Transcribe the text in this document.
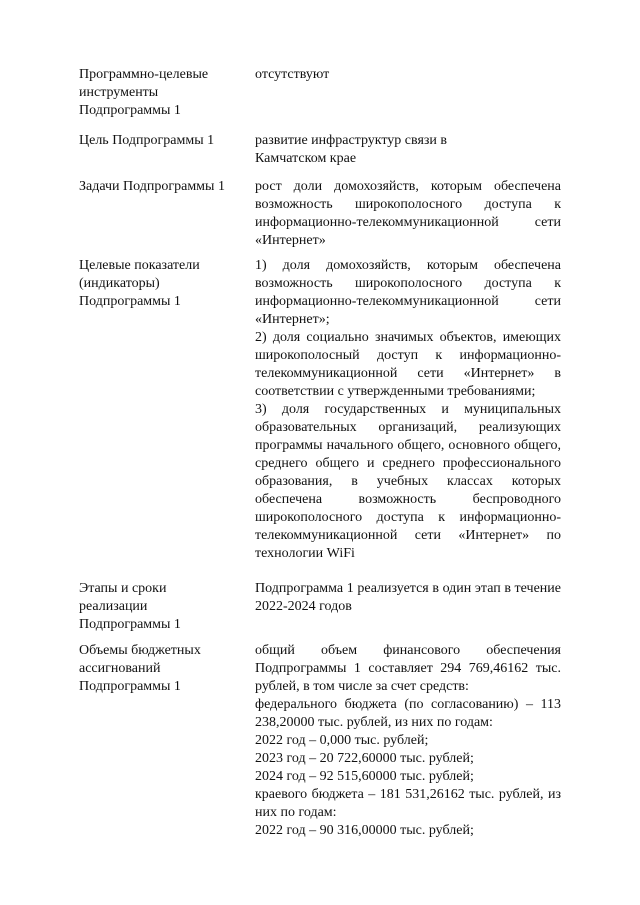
Программно-целевые
инструменты
Подпрограммы 1
отсутствуют
Цель Подпрограммы 1	развитие инфраструктур связи в
Камчатском крае
Задачи Подпрограммы 1	рост доли домохозяйств, которым обеспечена возможность широкополосного доступа к информационно-телекоммуникационной сети «Интернет»
Целевые показатели
(индикаторы)
Подпрограммы 1
1) доля домохозяйств, которым обеспечена возможность широкополосного доступа к информационно-телекоммуникационной сети «Интернет»;
2) доля социально значимых объектов, имеющих широкополосный доступ к информационно-телекоммуникационной сети «Интернет» в соответствии с утвержденными требованиями;
3) доля государственных и муниципальных образовательных организаций, реализующих программы начального общего, основного общего, среднего общего и среднего профессионального образования, в учебных классах которых обеспечена возможность беспроводного широкополосного доступа к информационно-телекоммуникационной сети «Интернет» по технологии WiFi
Этапы и сроки
реализации
Подпрограммы 1
Подпрограмма 1 реализуется в один этап в течение 2022-2024 годов
Объемы бюджетных
ассигнований
Подпрограммы 1
общий объем финансового обеспечения Подпрограммы 1 составляет 294 769,46162 тыс. рублей, в том числе за счет средств:
федерального бюджета (по согласованию) – 113 238,20000 тыс. рублей, из них по годам:
2022 год – 0,000 тыс. рублей;
2023 год – 20 722,60000 тыс. рублей;
2024 год – 92 515,60000 тыс. рублей;
краевого бюджета – 181 531,26162 тыс. рублей, из них по годам:
2022 год – 90 316,00000 тыс. рублей;
